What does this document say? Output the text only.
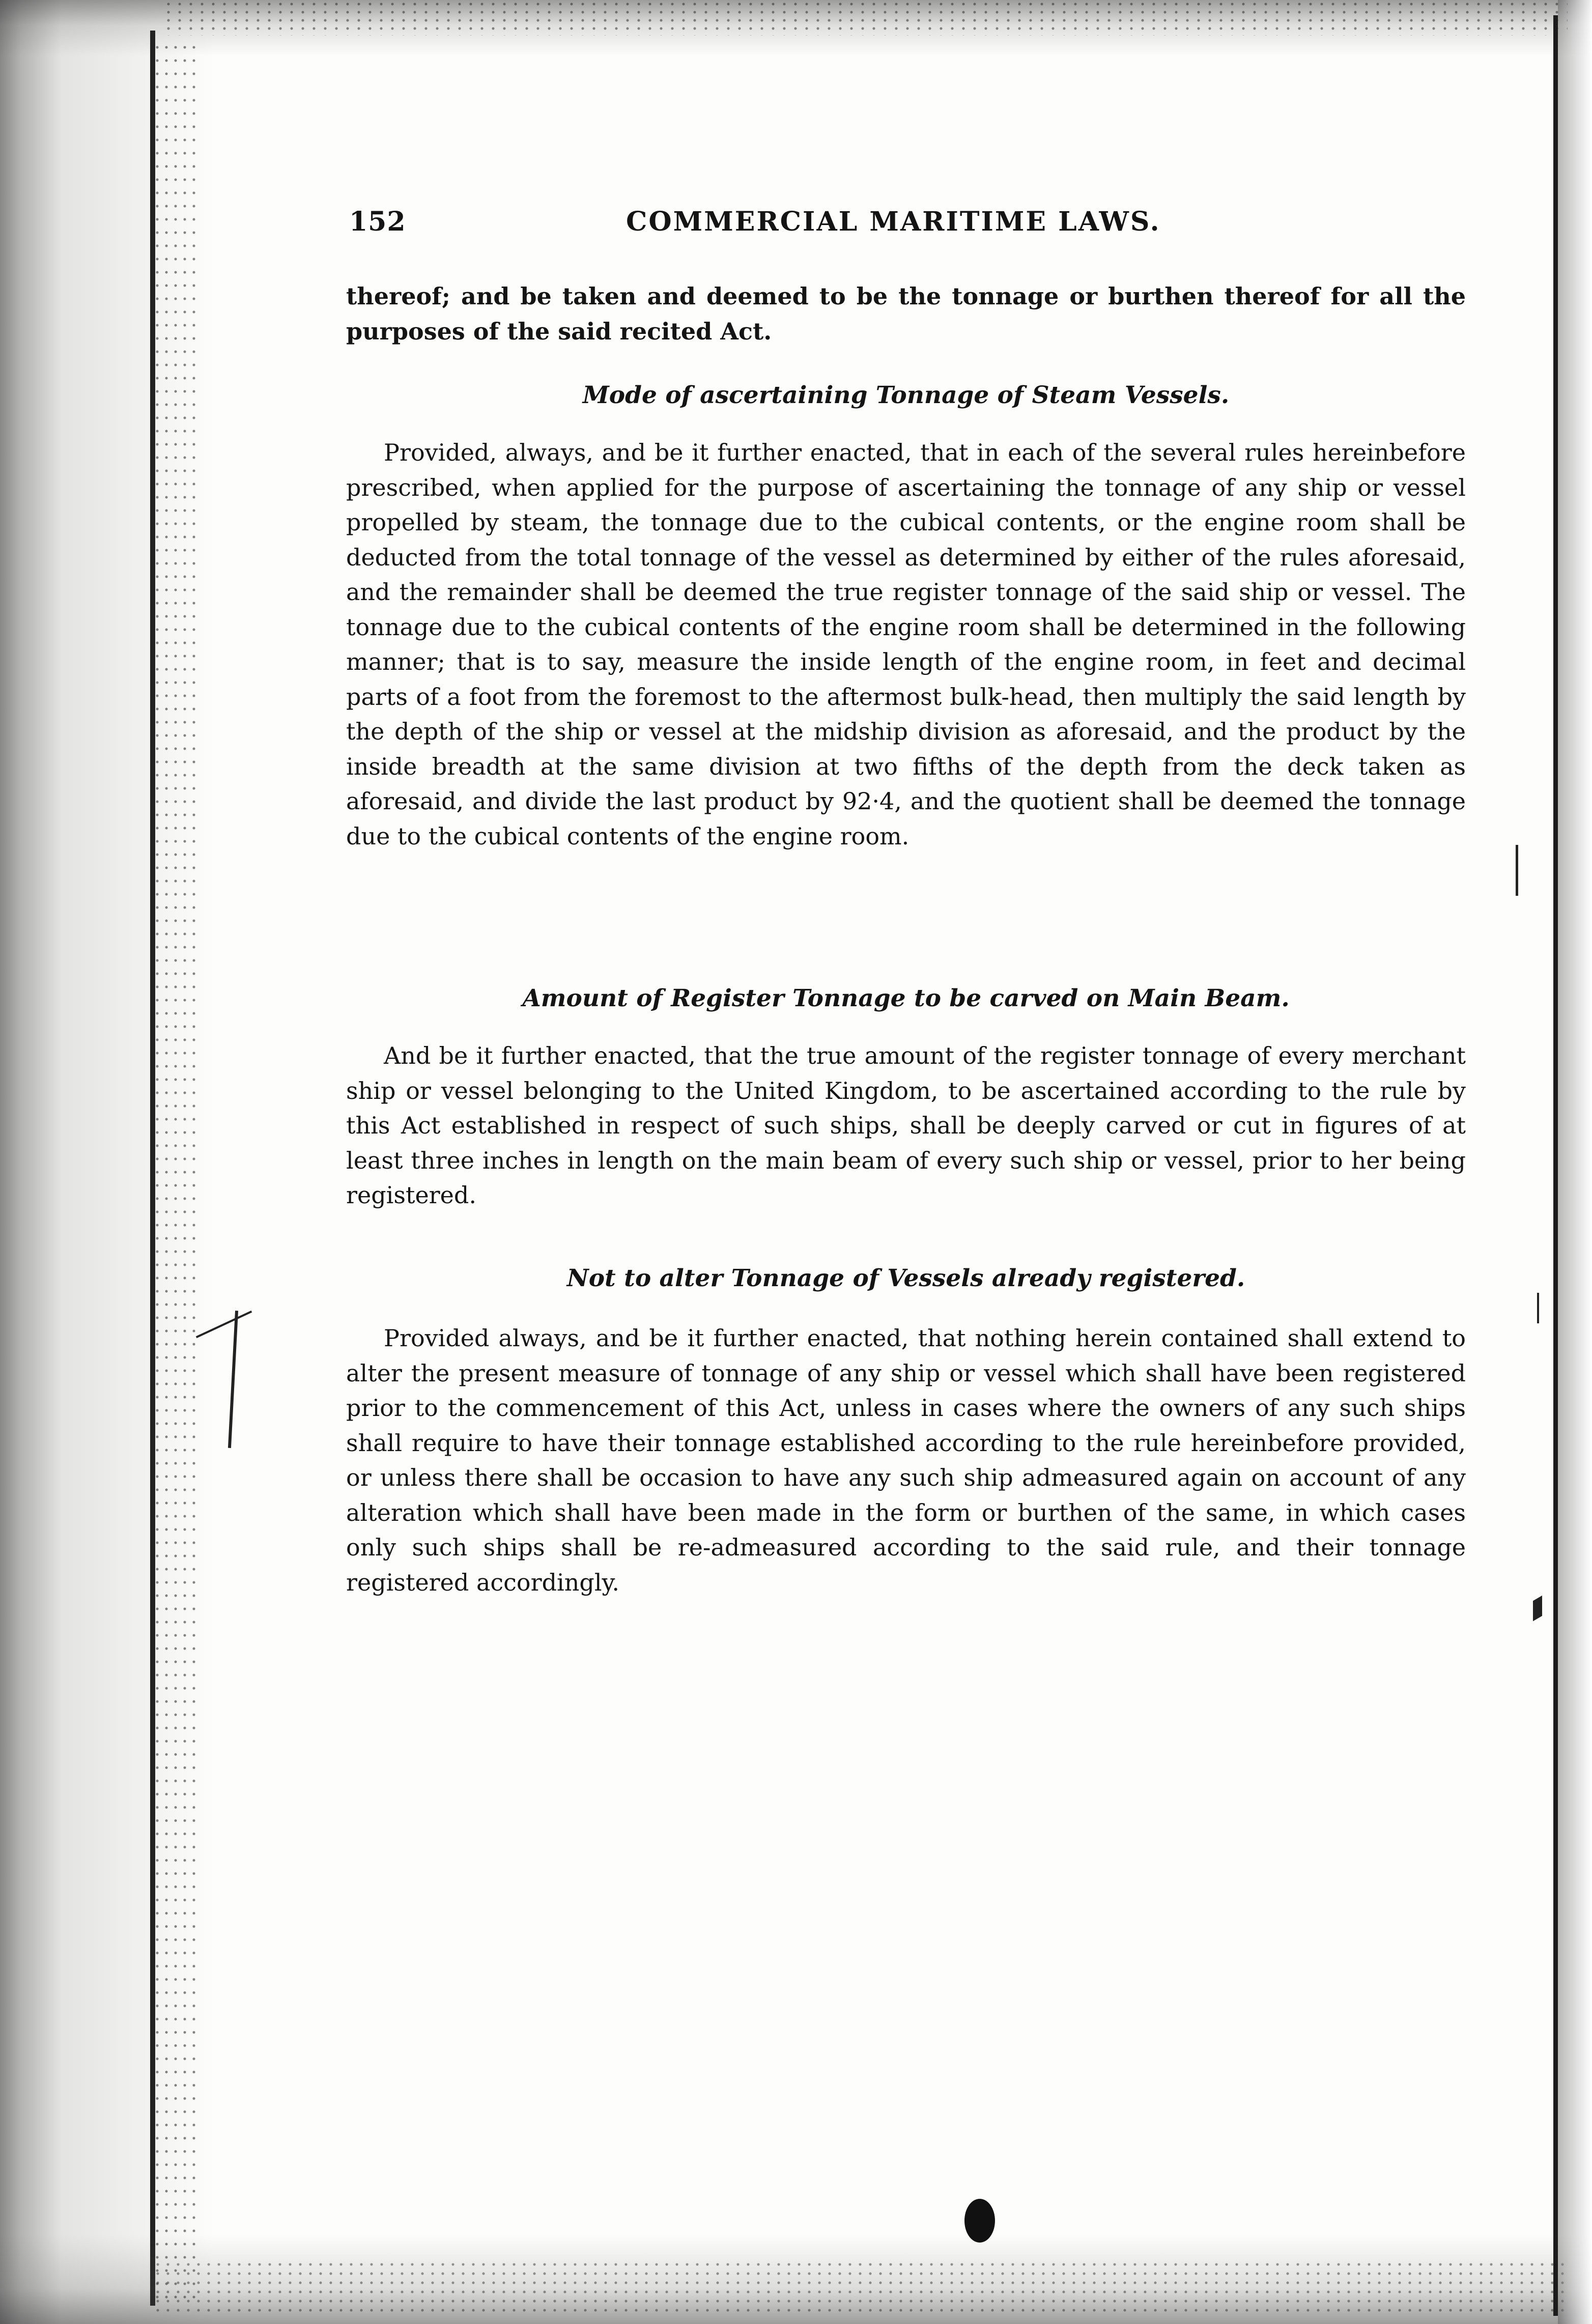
152	COMMERCIAL MARITIME LAWS.

thereof; and be taken and deemed to be the tonnage or burthen thereof for all the purposes of the said recited Act.

Mode of ascertaining Tonnage of Steam Vessels.

Provided, always, and be it further enacted, that in each of the several rules hereinbefore prescribed, when applied for the purpose of ascertaining the tonnage of any ship or vessel propelled by steam, the tonnage due to the cubical contents, or the engine room shall be deducted from the total tonnage of the vessel as determined by either of the rules aforesaid, and the remainder shall be deemed the true register tonnage of the said ship or vessel. The tonnage due to the cubical contents of the engine room shall be determined in the following manner; that is to say, measure the inside length of the engine room, in feet and decimal parts of a foot from the foremost to the aftermost bulk-head, then multiply the said length by the depth of the ship or vessel at the midship division as aforesaid, and the product by the inside breadth at the same division at two fifths of the depth from the deck taken as aforesaid, and divide the last product by 92·4, and the quotient shall be deemed the tonnage due to the cubical contents of the engine room.

Amount of Register Tonnage to be carved on Main Beam.

And be it further enacted, that the true amount of the register tonnage of every merchant ship or vessel belonging to the United Kingdom, to be ascertained according to the rule by this Act established in respect of such ships, shall be deeply carved or cut in figures of at least three inches in length on the main beam of every such ship or vessel, prior to her being registered.

Not to alter Tonnage of Vessels already registered.

Provided always, and be it further enacted, that nothing herein contained shall extend to alter the present measure of tonnage of any ship or vessel which shall have been registered prior to the commencement of this Act, unless in cases where the owners of any such ships shall require to have their tonnage established according to the rule hereinbefore provided, or unless there shall be occasion to have any such ship admeasured again on account of any alteration which shall have been made in the form or burthen of the same, in which cases only such ships shall be re-admeasured according to the said rule, and their tonnage registered accordingly.
